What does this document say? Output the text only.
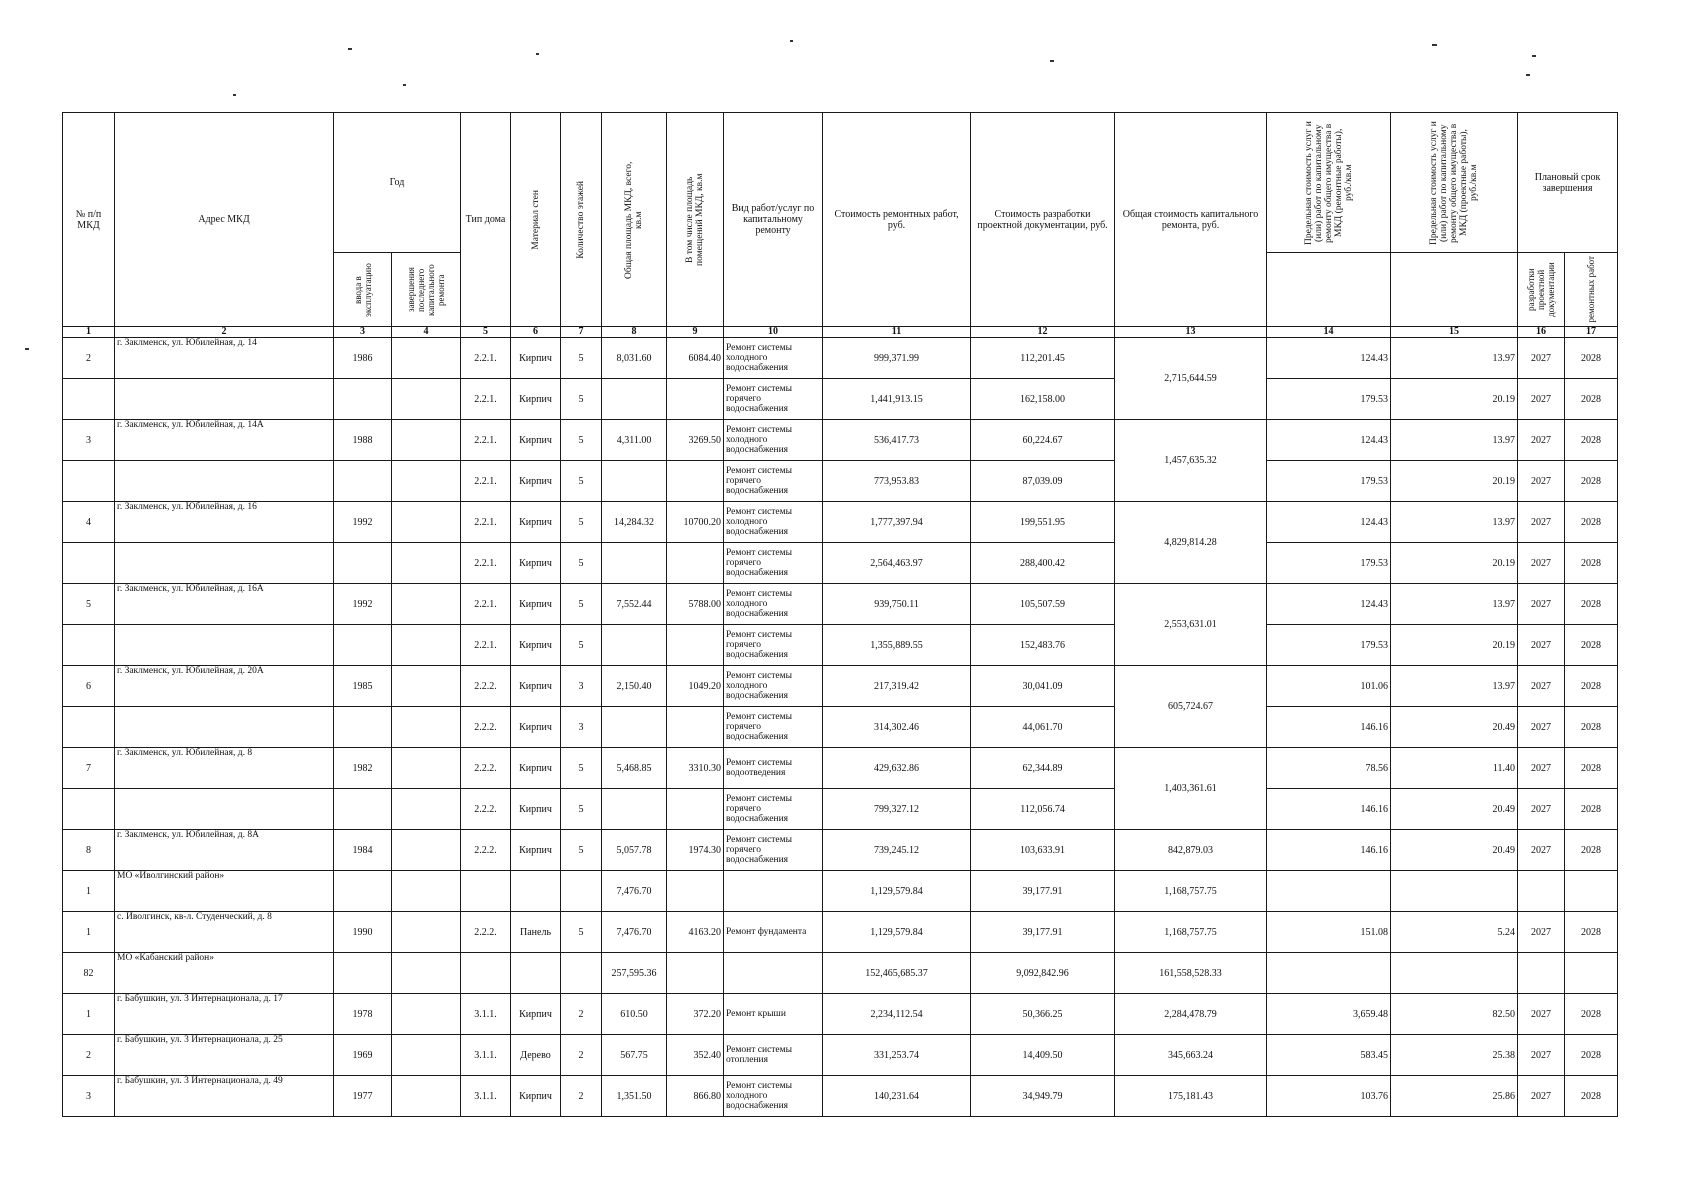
№ п/п МКД	Адрес МКД	Год		Тип дома	Материал стен	Количество этажей	Общая площадь МКД, всего, кв.м	В том числе площадь помещений МКД, кв.м	Вид работ/услуг по капитальному ремонту	Стоимость ремонтных работ, руб.	Стоимость разработки проектной документации, руб.	Общая стоимость капитального ремонта, руб.	Предельная стоимость услуг и (или) работ по капитальному ремонту общего имущества в МКД (ремонтные работы), руб./кв.м	Предельная стоимость услуг и (или) работ по капитальному ремонту общего имущества в МКД (проектные работы), руб./кв.м	Плановый срок завершения	

		ввода в эксплуатацию	завершения последнего капитального ремонта												разработки проектной документации	ремонтных работ

1	2	3	4	5	6	7	8	9	10	11	12	13	14	15	16	17
2	г. Заклменск, ул. Юбилейная, д. 14	1986		2.2.1.	Кирпич	5	8,031.60	6084.40	Ремонт системы холодного водоснабжения	999,371.99	112,201.45	2,715,644.59	124.43	13.97	2027	2028
				2.2.1.	Кирпич	5			Ремонт системы горячего водоснабжения	1,441,913.15	162,158.00		179.53	20.19	2027	2028
3	г. Заклменск, ул. Юбилейная, д. 14А	1988		2.2.1.	Кирпич	5	4,311.00	3269.50	Ремонт системы холодного водоснабжения	536,417.73	60,224.67	1,457,635.32	124.43	13.97	2027	2028
				2.2.1.	Кирпич	5			Ремонт системы горячего водоснабжения	773,953.83	87,039.09		179.53	20.19	2027	2028
4	г. Заклменск, ул. Юбилейная, д. 16	1992		2.2.1.	Кирпич	5	14,284.32	10700.20	Ремонт системы холодного водоснабжения	1,777,397.94	199,551.95	4,829,814.28	124.43	13.97	2027	2028
				2.2.1.	Кирпич	5			Ремонт системы горячего водоснабжения	2,564,463.97	288,400.42		179.53	20.19	2027	2028
5	г. Заклменск, ул. Юбилейная, д. 16А	1992		2.2.1.	Кирпич	5	7,552.44	5788.00	Ремонт системы холодного водоснабжения	939,750.11	105,507.59	2,553,631.01	124.43	13.97	2027	2028
				2.2.1.	Кирпич	5			Ремонт системы горячего водоснабжения	1,355,889.55	152,483.76		179.53	20.19	2027	2028
6	г. Заклменск, ул. Юбилейная, д. 20А	1985		2.2.2.	Кирпич	3	2,150.40	1049.20	Ремонт системы холодного водоснабжения	217,319.42	30,041.09	605,724.67	101.06	13.97	2027	2028
				2.2.2.	Кирпич	3			Ремонт системы горячего водоснабжения	314,302.46	44,061.70		146.16	20.49	2027	2028
7	г. Заклменск, ул. Юбилейная, д. 8	1982		2.2.2.	Кирпич	5	5,468.85	3310.30	Ремонт системы водоотведения	429,632.86	62,344.89	1,403,361.61	78.56	11.40	2027	2028
				2.2.2.	Кирпич	5			Ремонт системы горячего водоснабжения	799,327.12	112,056.74		146.16	20.49	2027	2028
8	г. Заклменск, ул. Юбилейная, д. 8А	1984		2.2.2.	Кирпич	5	5,057.78	1974.30	Ремонт системы горячего водоснабжения	739,245.12	103,633.91	842,879.03	146.16	20.49	2027	2028
1	МО «Иволгинский район»						7,476.70			1,129,579.84	39,177.91	1,168,757.75				
1	с. Иволгинск, кв-л. Студенческий, д. 8	1990		2.2.2.	Панель	5	7,476.70	4163.20	Ремонт фундамента	1,129,579.84	39,177.91	1,168,757.75	151.08	5.24	2027	2028
82	МО «Кабанский район»						257,595.36			152,465,685.37	9,092,842.96	161,558,528.33				
1	г. Бабушкин, ул. 3 Интернационала, д. 17	1978		3.1.1.	Кирпич	2	610.50	372.20	Ремонт крыши	2,234,112.54	50,366.25	2,284,478.79	3,659.48	82.50	2027	2028
2	г. Бабушкин, ул. 3 Интернационала, д. 25	1969		3.1.1.	Дерево	2	567.75	352.40	Ремонт системы отопления	331,253.74	14,409.50	345,663.24	583.45	25.38	2027	2028
3	г. Бабушкин, ул. 3 Интернационала, д. 49	1977		3.1.1.	Кирпич	2	1,351.50	866.80	Ремонт системы холодного водоснабжения	140,231.64	34,949.79	175,181.43	103.76	25.86	2027	2028
